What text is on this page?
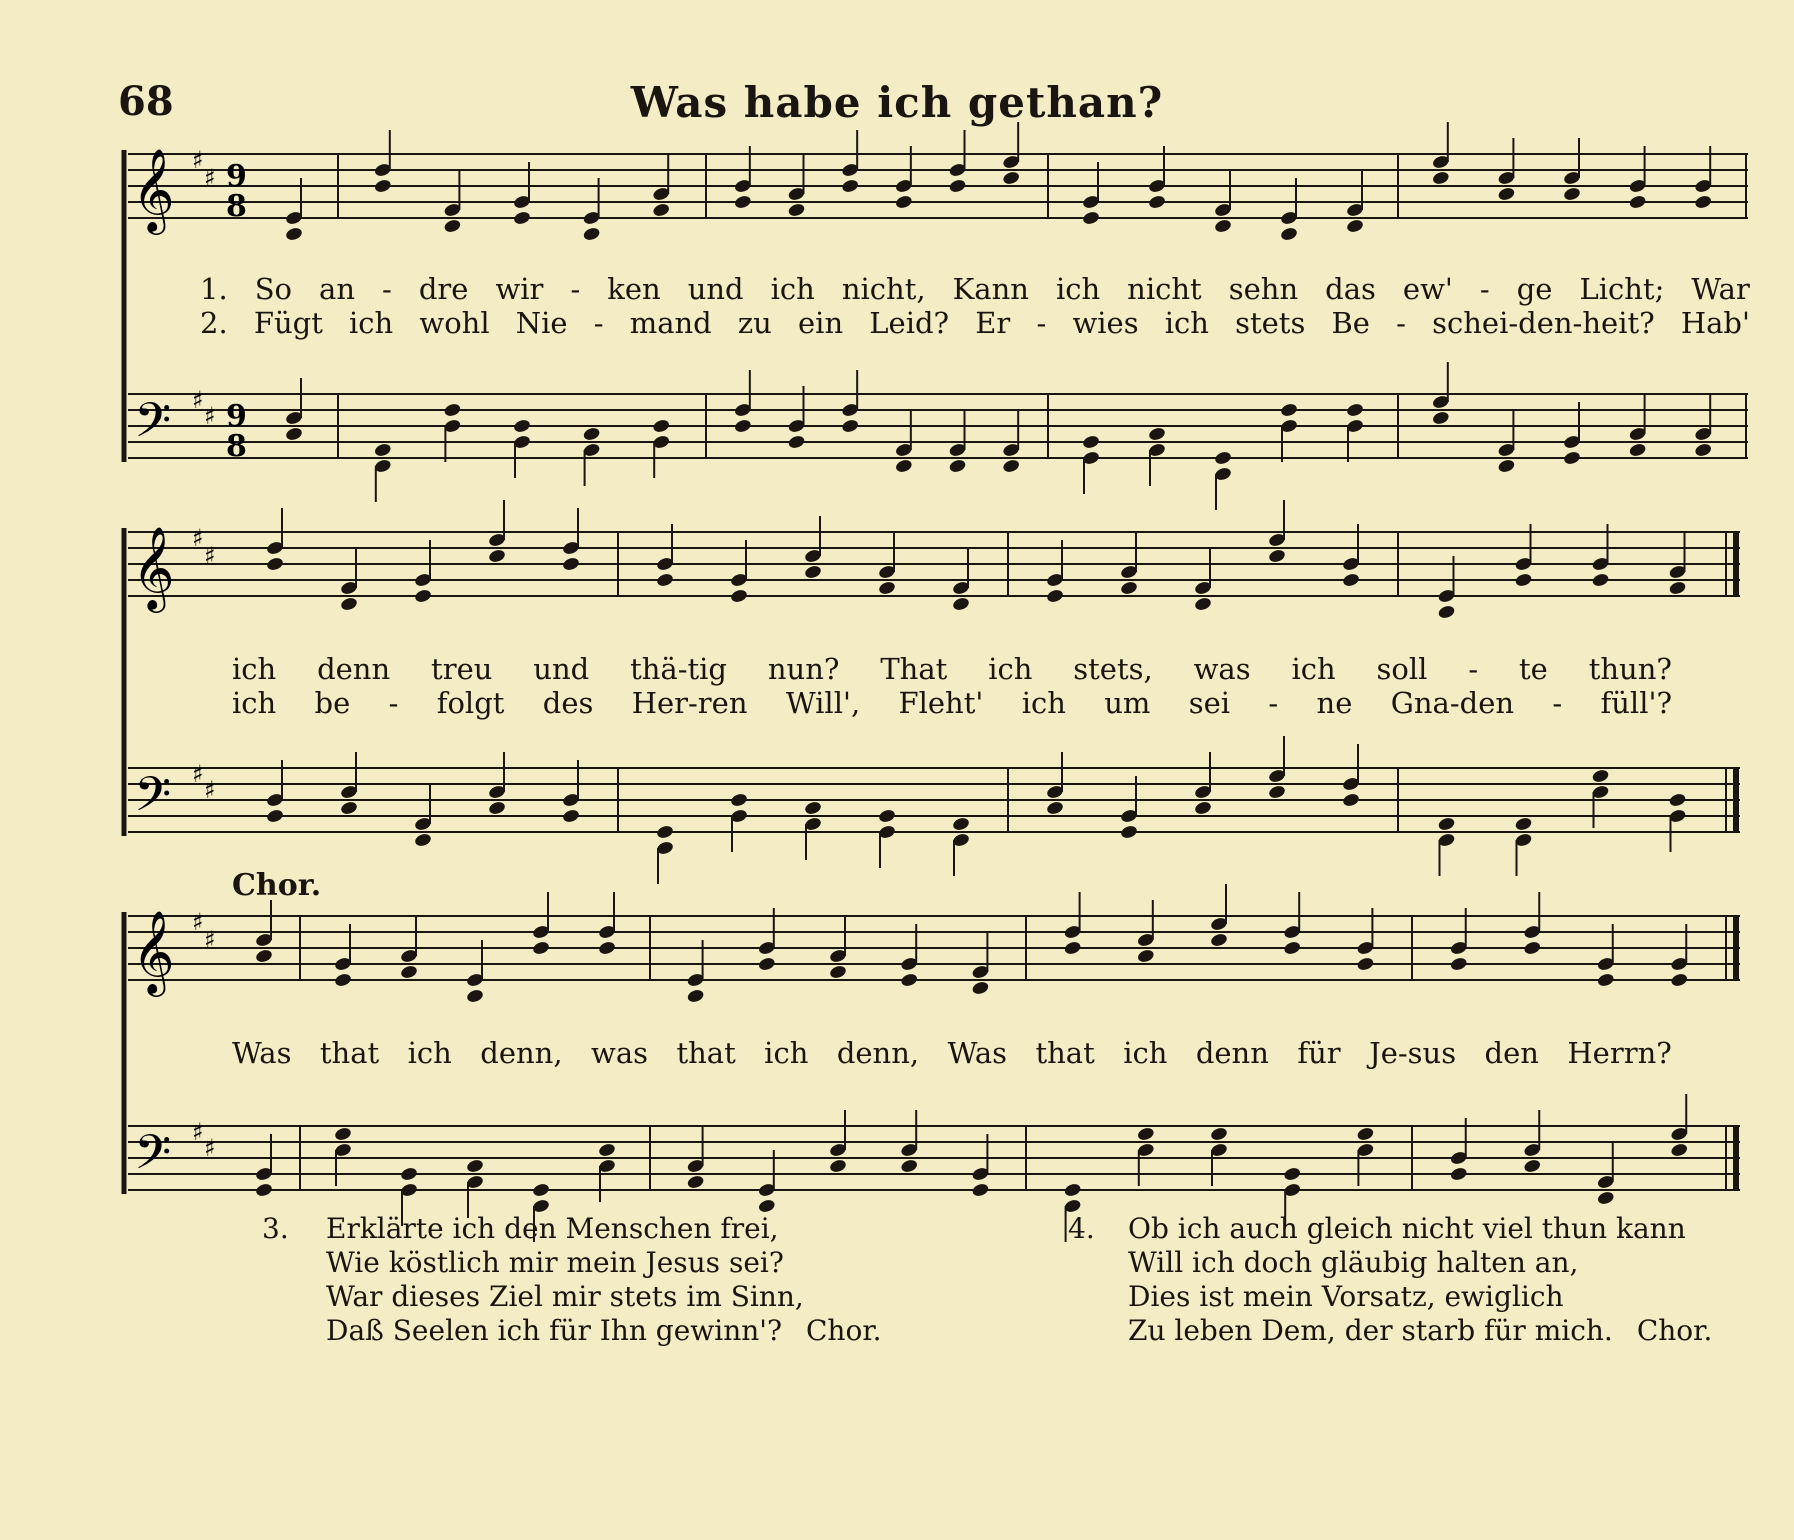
68	Was habe ich gethan?
𝄞
𝄢
♯
♯
♯
♯
9
8
9
8
1. So an - dre wir - ken und ich nicht, Kann ich nicht sehn das ew' - ge Licht; War
2. Fügt ich wohl Nie - mand zu ein Leid? Er - wies ich stets Be - schei-den-heit? Hab'
𝄞
𝄢
♯
♯
♯
♯
ich denn treu und thä-tig nun? That ich stets, was ich soll - te thun?
ich be - folgt des Her-ren Will', Fleht' ich um sei - ne Gna-den - füll'?
Chor.
𝄞
𝄢
♯
♯
♯
♯
Was that ich denn, was that ich denn, Was that ich denn für Je-sus den Herrn?
3. Erklärte ich den Menschen frei,
Wie köstlich mir mein Jesus sei?
War dieses Ziel mir stets im Sinn,
Daß Seelen ich für Ihn gewinn'? Chor.
4. Ob ich auch gleich nicht viel thun kann
Will ich doch gläubig halten an,
Dies ist mein Vorsatz, ewiglich
Zu leben Dem, der starb für mich. Chor.
